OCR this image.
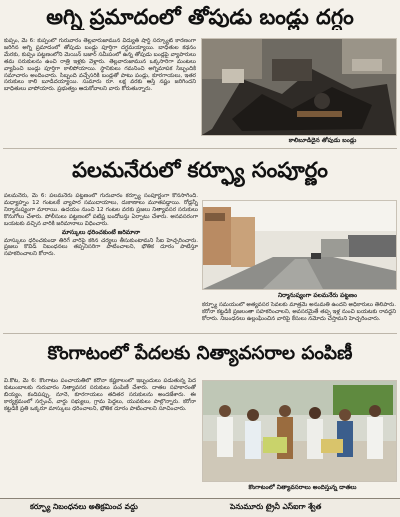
అగ్ని ప్రమాదంలో తోపుడు బండ్లు దగ్ధం

కుప్పం, మే 6: కుప్పంలో గురువారం తెల్లవారుజామున విద్యుత్ షార్ట్ సర్క్యూట్ కారణంగా జరిగిన అగ్ని ప్రమాదంలో తోపుడు బండ్లు పూర్తిగా దగ్ధమయ్యాయి. బాధితుల కథనం మేరకు, కుప్పం పట్టణంలోని మెయిన్ బజార్ సమీపంలో ఉన్న తోపుడు బండ్లపై వ్యాపారులు తమ సరుకులను ఉంచి రాత్రి ఇళ్లకు వెళ్లారు. తెల్లవారుజామున ఒక్కసారిగా మంటలు వ్యాపించి బండ్లు పూర్తిగా కాలిపోయాయి. స్థానికులు గమనించి అగ్నిమాపక సిబ్బందికి సమాచారం అందించారు. సిబ్బంది వచ్చేసరికి బండ్లతో పాటు పండ్లు, కూరగాయలు, ఇతర సరుకులు కాలి బూడిదయ్యాయి. సుమారు రూ. లక్ష వరకు ఆస్తి నష్టం జరిగిందని బాధితులు వాపోయారు. ప్రభుత్వం ఆదుకోవాలని వారు కోరుతున్నారు.

కాలిబూడిదైన తోపుడు బండ్లు
పలమనేరులో కర్ఫ్యూ సంపూర్ణం

పలమనేరు, మే 6: పలమనేరు పట్టణంలో గురువారం కర్ఫ్యూ సంపూర్ణంగా కొనసాగింది. మధ్యాహ్నం 12 గంటలకే వ్యాపార సముదాయాలు, దుకాణాలు మూతపడ్డాయి. రోడ్లన్నీ నిర్మానుష్యంగా మారాయి. ఉదయం నుంచి 12 గంటల వరకు ప్రజలు నిత్యావసర సరుకులు కొనుగోలు చేశారు. పోలీసులు పట్టణంలో పటిష్ట బందోబస్తు ఏర్పాటు చేశారు. అనవసరంగా బయటకు వచ్చిన వారికి జరిమానాలు విధించారు.

మాస్కులు ధరించకుంటే జరిమానా

మాస్కులు ధరించకుండా తిరిగే వారిపై కఠిన చర్యలు తీసుకుంటామని సీఐ హెచ్చరించారు. ప్రజలు కొవిడ్ నిబంధనలు తప్పనిసరిగా పాటించాలని, భౌతిక దూరం పాటిస్తూ సహకరించాలని కోరారు.

నిర్మానుష్యంగా పలమనేరు పట్టణం

కర్ఫ్యూ సమయంలో అత్యవసర సేవలకు మాత్రమే అనుమతి ఉందని అధికారులు తెలిపారు. కరోనా కట్టడికి ప్రజలంతా సహకరించాలని, అవసరమైతే తప్ప ఇళ్ల నుంచి బయటకు రావద్దని కోరారు. నిబంధనలు ఉల్లంఘించిన వారిపై కేసులు నమోదు చేస్తామని హెచ్చరించారు.

కొంగాటంలో పేదలకు నిత్యావసరాల పంపిణీ

వి.కోట, మే 6: కొంగాటం పంచాయతీలో కరోనా కష్టకాలంలో ఇబ్బందులు పడుతున్న పేద కుటుంబాలకు గురువారం నిత్యావసర సరుకులు పంపిణీ చేశారు. దాతల సహకారంతో బియ్యం, కందిపప్పు, నూనె, కూరగాయలు తదితర సరుకులను అందజేశారు. ఈ కార్యక్రమంలో సర్పంచ్, వార్డు సభ్యులు, గ్రామ పెద్దలు, యువకులు పాల్గొన్నారు. కరోనా కట్టడికి ప్రతి ఒక్కరూ మాస్కులు ధరించాలని, భౌతిక దూరం పాటించాలని సూచించారు.

కొంగాటంలో నిత్యావసరాలు అందిస్తున్న దాతలు
కర్ఫ్యూ నిబంధనలు అతిక్రమించ వద్దు	పెనుమూరు ట్రైనీ ఎస్ఐగా శ్వేత
